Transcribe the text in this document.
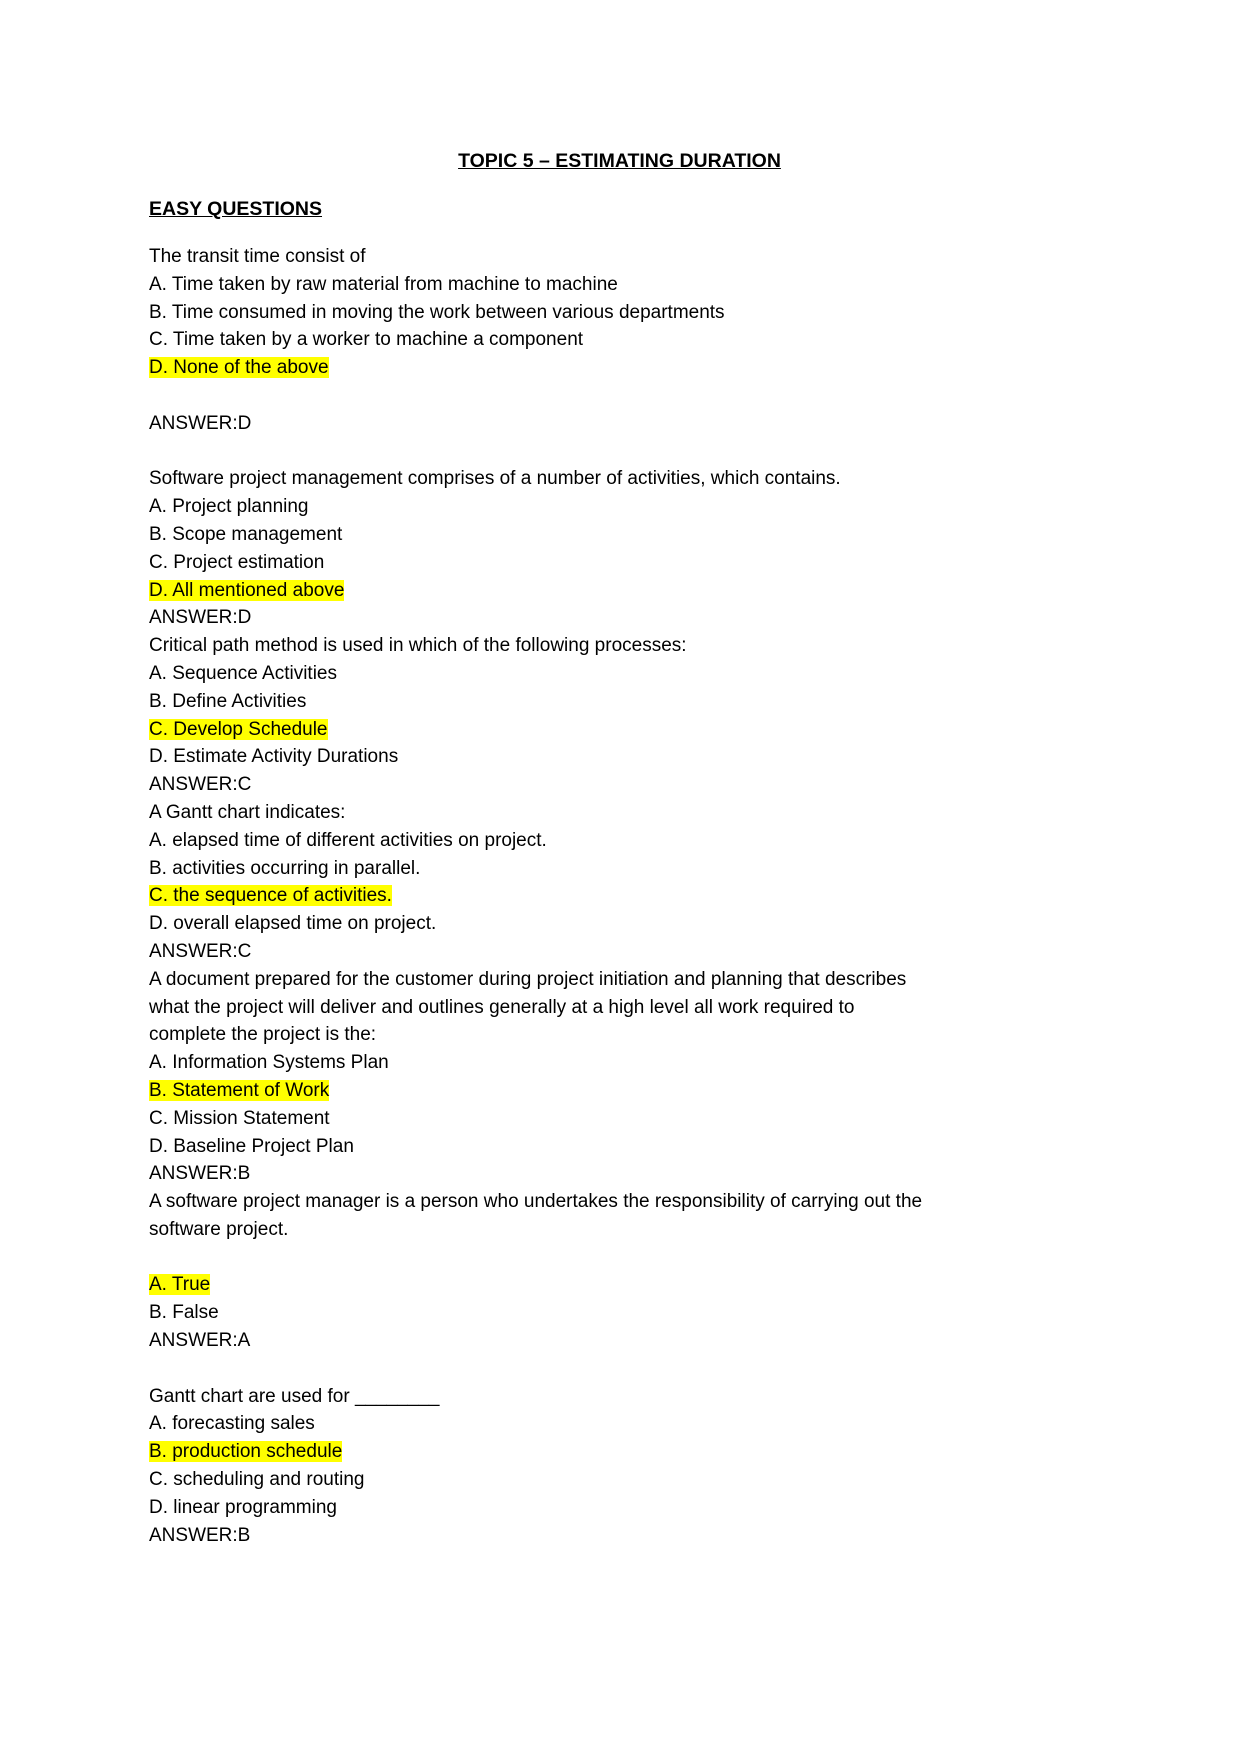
TOPIC 5 – ESTIMATING DURATION
EASY QUESTIONS
The transit time consist of
A. Time taken by raw material from machine to machine
B. Time consumed in moving the work between various departments
C. Time taken by a worker to machine a component
D. None of the above
ANSWER:D
Software project management comprises of a number of activities, which contains.
A. Project planning
B. Scope management
C. Project estimation
D. All mentioned above
ANSWER:D
Critical path method is used in which of the following processes:
A. Sequence Activities
B. Define Activities
C. Develop Schedule
D. Estimate Activity Durations
ANSWER:C
A Gantt chart indicates:
A. elapsed time of different activities on project.
B. activities occurring in parallel.
C. the sequence of activities.
D. overall elapsed time on project.
ANSWER:C
A document prepared for the customer during project initiation and planning that describes
what the project will deliver and outlines generally at a high level all work required to
complete the project is the:
A. Information Systems Plan
B. Statement of Work
C. Mission Statement
D. Baseline Project Plan
ANSWER:B
A software project manager is a person who undertakes the responsibility of carrying out the
software project.
A. True
B. False
ANSWER:A
Gantt chart are used for ________
A. forecasting sales
B. production schedule
C. scheduling and routing
D. linear programming
ANSWER:B
